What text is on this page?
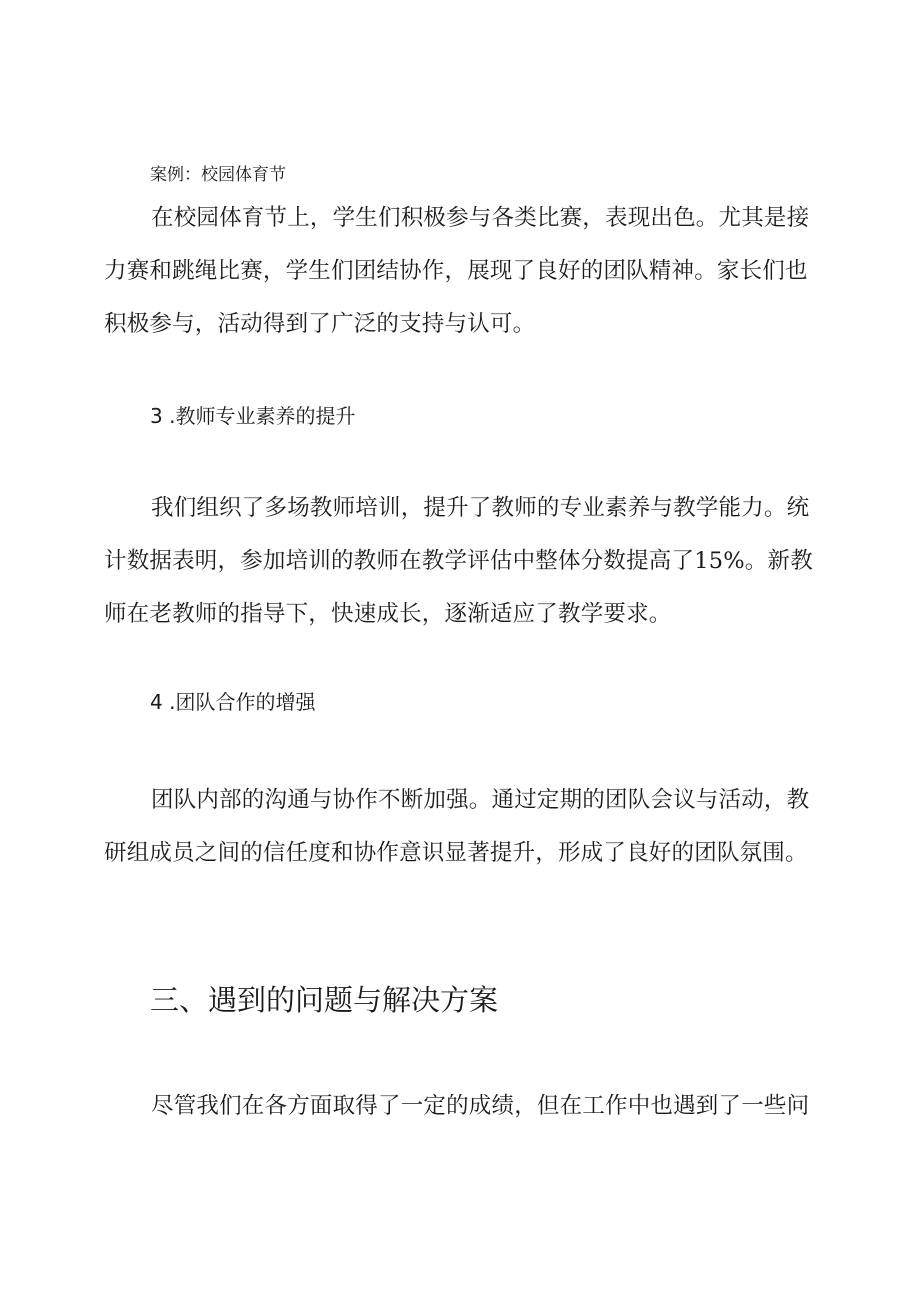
案例：校园体育节

在校园体育节上，学生们积极参与各类比赛，表现出色。尤其是接力赛和跳绳比赛，学生们团结协作，展现了良好的团队精神。家长们也积极参与，活动得到了广泛的支持与认可。

3 .教师专业素养的提升

我们组织了多场教师培训，提升了教师的专业素养与教学能力。统计数据表明，参加培训的教师在教学评估中整体分数提高了15%。新教师在老教师的指导下，快速成长，逐渐适应了教学要求。

4 .团队合作的增强

团队内部的沟通与协作不断加强。通过定期的团队会议与活动，教研组成员之间的信任度和协作意识显著提升，形成了良好的团队氛围。

三、遇到的问题与解决方案

尽管我们在各方面取得了一定的成绩，但在工作中也遇到了一些问
